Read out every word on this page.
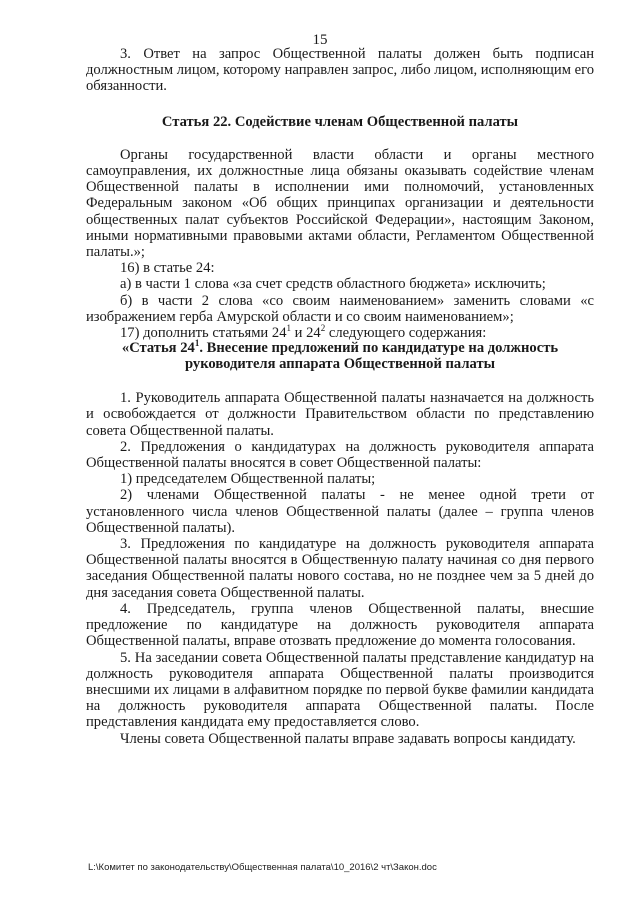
15

3. Ответ на запрос Общественной палаты должен быть подписан должностным лицом, которому направлен запрос, либо лицом, исполняющим его обязанности.

Статья 22. Содействие членам Общественной палаты

Органы государственной власти области и органы местного самоуправления, их должностные лица обязаны оказывать содействие членам Общественной палаты в исполнении ими полномочий, установленных Федеральным законом «Об общих принципах организации и деятельности общественных палат субъектов Российской Федерации», настоящим Законом, иными нормативными правовыми актами области, Регламентом Общественной палаты.»;

16) в статье 24:

а) в части 1 слова «за счет средств областного бюджета» исключить;

б) в части 2 слова «со своим наименованием» заменить словами «с изображением герба Амурской области и со своим наименованием»;

17) дополнить статьями $24^1$ и $24^2$ следующего содержания:

«Статья $24^1$. Внесение предложений по кандидатуре на должность руководителя аппарата Общественной палаты

1. Руководитель аппарата Общественной палаты назначается на должность и освобождается от должности Правительством области по представлению совета Общественной палаты.

2. Предложения о кандидатурах на должность руководителя аппарата Общественной палаты вносятся в совет Общественной палаты:

1) председателем Общественной палаты;

2) членами Общественной палаты - не менее одной трети от установленного числа членов Общественной палаты (далее – группа членов Общественной палаты).

3. Предложения по кандидатуре на должность руководителя аппарата Общественной палаты вносятся в Общественную палату начиная со дня первого заседания Общественной палаты нового состава, но не позднее чем за 5 дней до дня заседания совета Общественной палаты.

4. Председатель, группа членов Общественной палаты, внесшие предложение по кандидатуре на должность руководителя аппарата Общественной палаты, вправе отозвать предложение до момента голосования.

5. На заседании совета Общественной палаты представление кандидатур на должность руководителя аппарата Общественной палаты производится внесшими их лицами в алфавитном порядке по первой букве фамилии кандидата на должность руководителя аппарата Общественной палаты. После представления кандидата ему предоставляется слово.

Члены совета Общественной палаты вправе задавать вопросы кандидату.

L:\Комитет по законодательству\Общественная палата\10_2016\2 чт\Закон.doc
